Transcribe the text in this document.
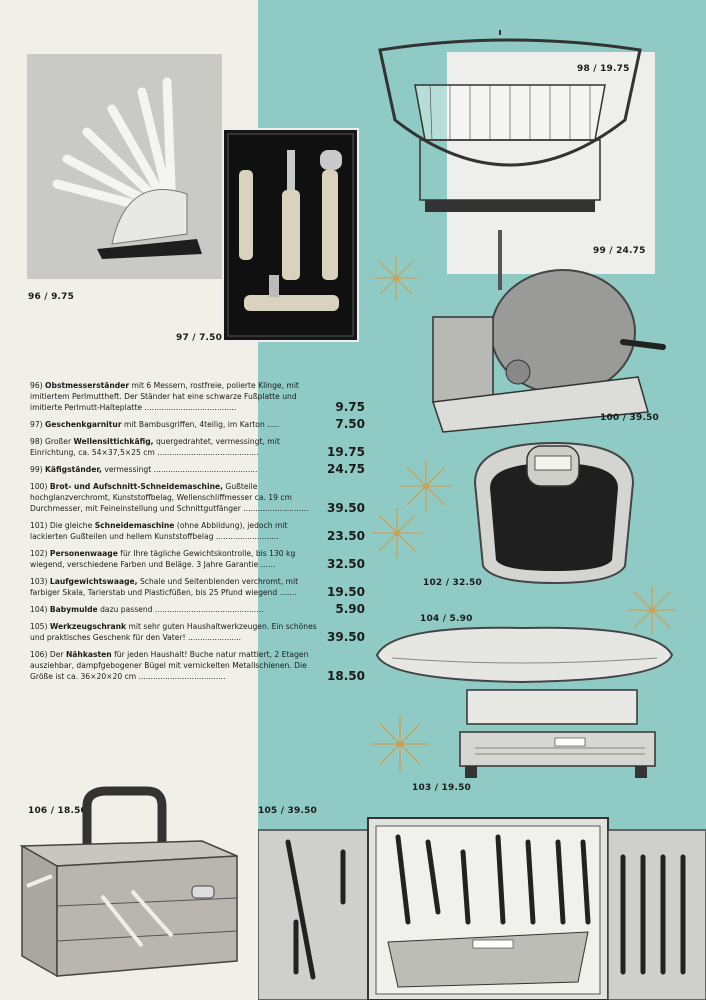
96 / 9.75
97 / 7.50
98 / 19.75
99 / 24.75
100 / 39.50
102 / 32.50
104 / 5.90
103 / 19.50
96) Obstmesserständer mit 6 Messern, rostfreie, polierte Klinge, mit imitiertem Perlmuttheft. Der Ständer hat eine schwarze Fußplatte und imitierte Perlmutt-Halteplatte ......................................	9.75
97) Geschenkgarnitur mit Bambusgriffen, 4teilig, im Karton .....	7.50
98) Großer Wellensittichkäfig, quergedrahtet, vermessingt, mit Einrichtung, ca. 54×37,5×25 cm ..........................................	19.75
99) Käfigständer, vermessingt ...........................................	24.75
100) Brot- und Aufschnitt-Schneidemaschine, Gußteile hochglanzverchromt, Kunststoffbelag, Wellenschliffmesser ca. 19 cm Durchmesser, mit Feineinstellung und Schnittgutfänger ...........................	39.50
101) Die gleiche Schneidemaschine (ohne Abbildung), jedoch mit lackierten Gußteilen und hellem Kunststoffbelag ..........................	23.50
102) Personenwaage für Ihre tägliche Gewichtskontrolle, bis 130 kg wiegend, verschiedene Farben und Beläge. 3 Jahre Garantie ......	32.50
103) Laufgewichtswaage, Schale und Seitenblenden verchromt, mit farbiger Skala, Tarierstab und Plasticfüßen, bis 25 Pfund wiegend .......	19.50
104) Babymulde dazu passend .............................................	5.90
105) Werkzeugschrank mit sehr guten Haushaltwerkzeugen. Ein schönes und praktisches Geschenk für den Vater! ......................	39.50
106) Der Nähkasten für jeden Haushalt! Buche natur mattiert, 2 Etagen ausziehbar, dampfgebogener Bügel mit vernickelten Metallschienen. Die Größe ist ca. 36×20×20 cm ....................................	18.50
106 / 18.50	105 / 39.50
